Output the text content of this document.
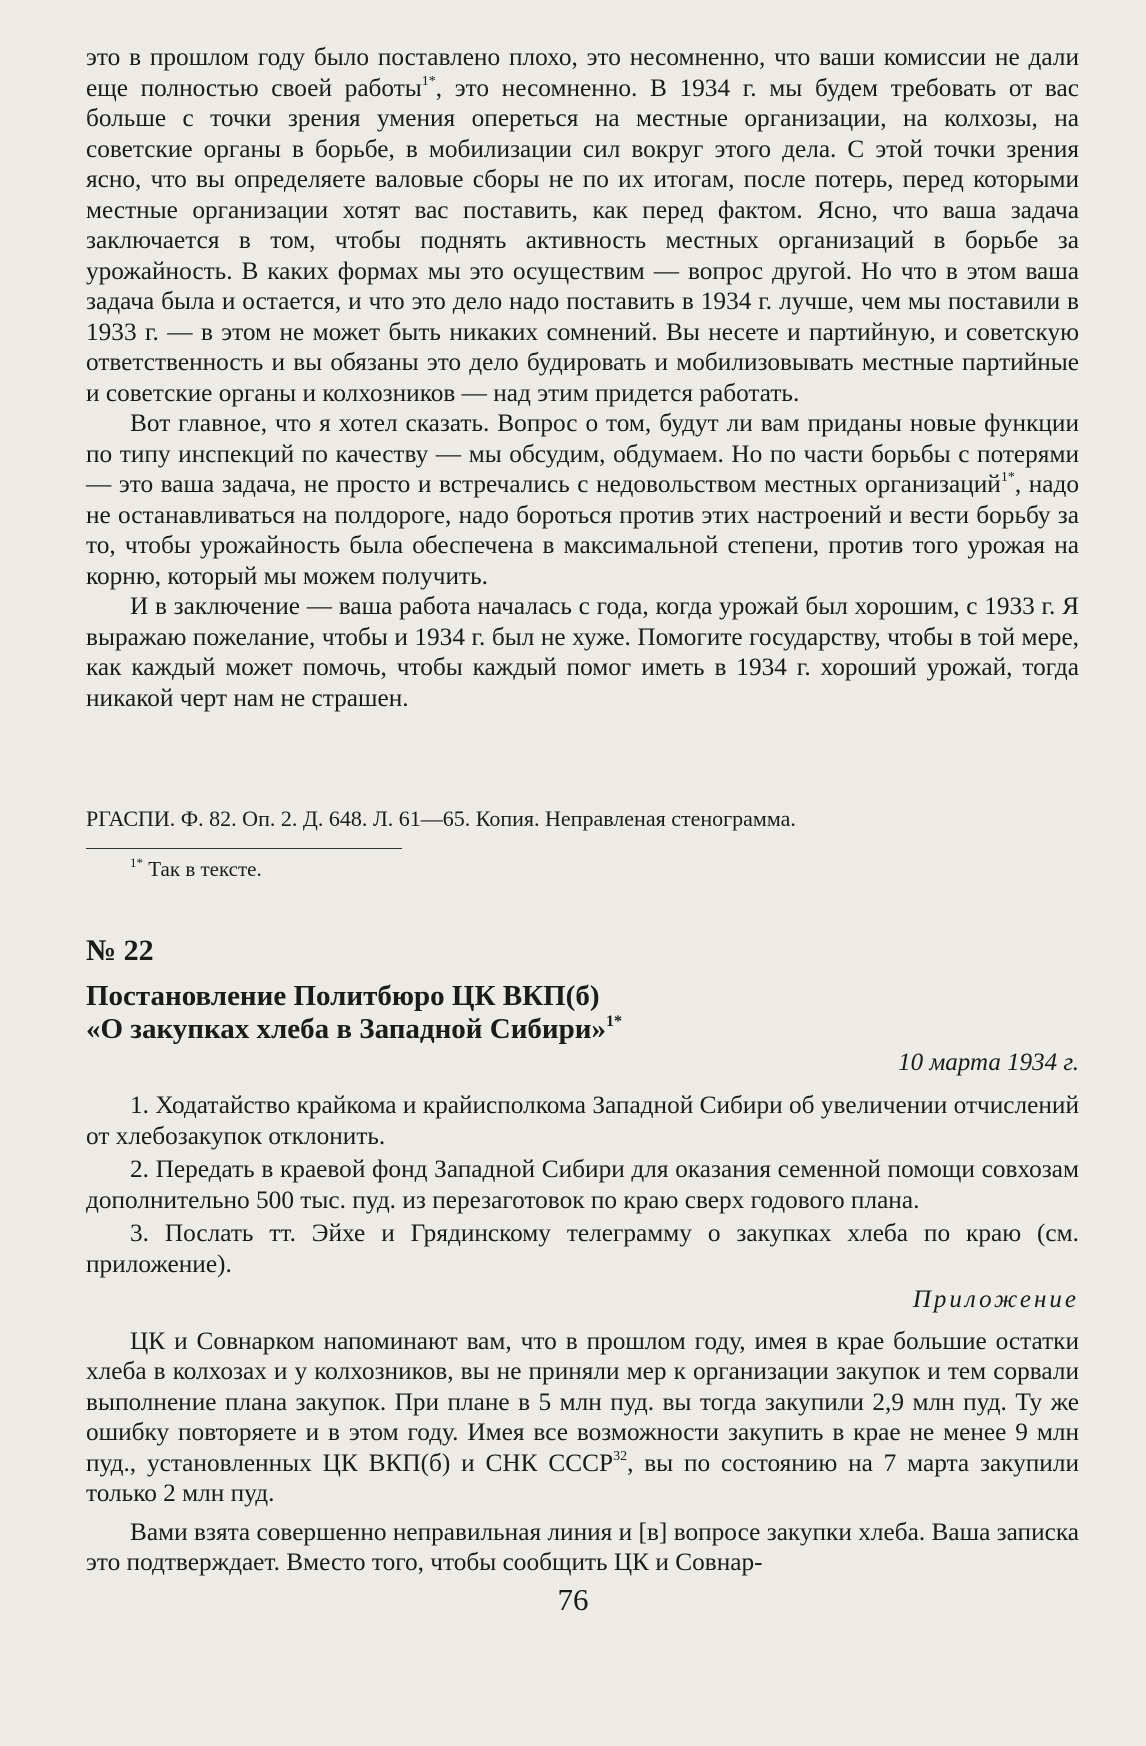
это в прошлом году было поставлено плохо, это несомненно, что ваши комиссии не дали еще полностью своей работы$^{1*}$, это несомненно. В 1934 г. мы будем требовать от вас больше с точки зрения умения опереться на местные организации, на колхозы, на советские органы в борьбе, в мобилизации сил вокруг этого дела. С этой точки зрения ясно, что вы определяете валовые сборы не по их итогам, после потерь, перед которыми местные организации хотят вас поставить, как перед фактом. Ясно, что ваша задача заключается в том, чтобы поднять активность местных организаций в борьбе за урожайность. В каких формах мы это осуществим — вопрос другой. Но что в этом ваша задача была и остается, и что это дело надо поставить в 1934 г. лучше, чем мы поставили в 1933 г. — в этом не может быть никаких сомнений. Вы несете и партийную, и советскую ответственность и вы обязаны это дело будировать и мобилизовывать местные партийные и советские органы и колхозников — над этим придется работать.

Вот главное, что я хотел сказать. Вопрос о том, будут ли вам приданы новые функции по типу инспекций по качеству — мы обсудим, обдумаем. Но по части борьбы с потерями — это ваша задача, не просто и встречались с недовольством местных организаций$^{1*}$, надо не останавливаться на полдороге, надо бороться против этих настроений и вести борьбу за то, чтобы урожайность была обеспечена в максимальной степени, против того урожая на корню, который мы можем получить.

И в заключение — ваша работа началась с года, когда урожай был хорошим, с 1933 г. Я выражаю пожелание, чтобы и 1934 г. был не хуже. Помогите государству, чтобы в той мере, как каждый может помочь, чтобы каждый помог иметь в 1934 г. хороший урожай, тогда никакой черт нам не страшен.

РГАСПИ. Ф. 82. Оп. 2. Д. 648. Л. 61—65. Копия. Неправленая стенограмма.

$^{1*}$ Так в тексте.

№ 22

Постановление Политбюро ЦК ВКП(б)

«О закупках хлеба в Западной Сибири»$^{1*}$

10 марта 1934 г.

1. Ходатайство крайкома и крайисполкома Западной Сибири об увеличении отчислений от хлебозакупок отклонить.

2. Передать в краевой фонд Западной Сибири для оказания семенной помощи совхозам дополнительно 500 тыс. пуд. из перезаготовок по краю сверх годового плана.

3. Послать тт. Эйхе и Грядинскому телеграмму о закупках хлеба по краю (см. приложение).

Приложение

ЦК и Совнарком напоминают вам, что в прошлом году, имея в крае большие остатки хлеба в колхозах и у колхозников, вы не приняли мер к организации закупок и тем сорвали выполнение плана закупок. При плане в 5 млн пуд. вы тогда закупили 2,9 млн пуд. Ту же ошибку повторяете и в этом году. Имея все возможности закупить в крае не менее 9 млн пуд., установленных ЦК ВКП(б) и СНК СССР$^{32}$, вы по состоянию на 7 марта закупили только 2 млн пуд.

Вами взята совершенно неправильная линия и [в] вопросе закупки хлеба. Ваша записка это подтверждает. Вместо того, чтобы сообщить ЦК и Совнар-

76
